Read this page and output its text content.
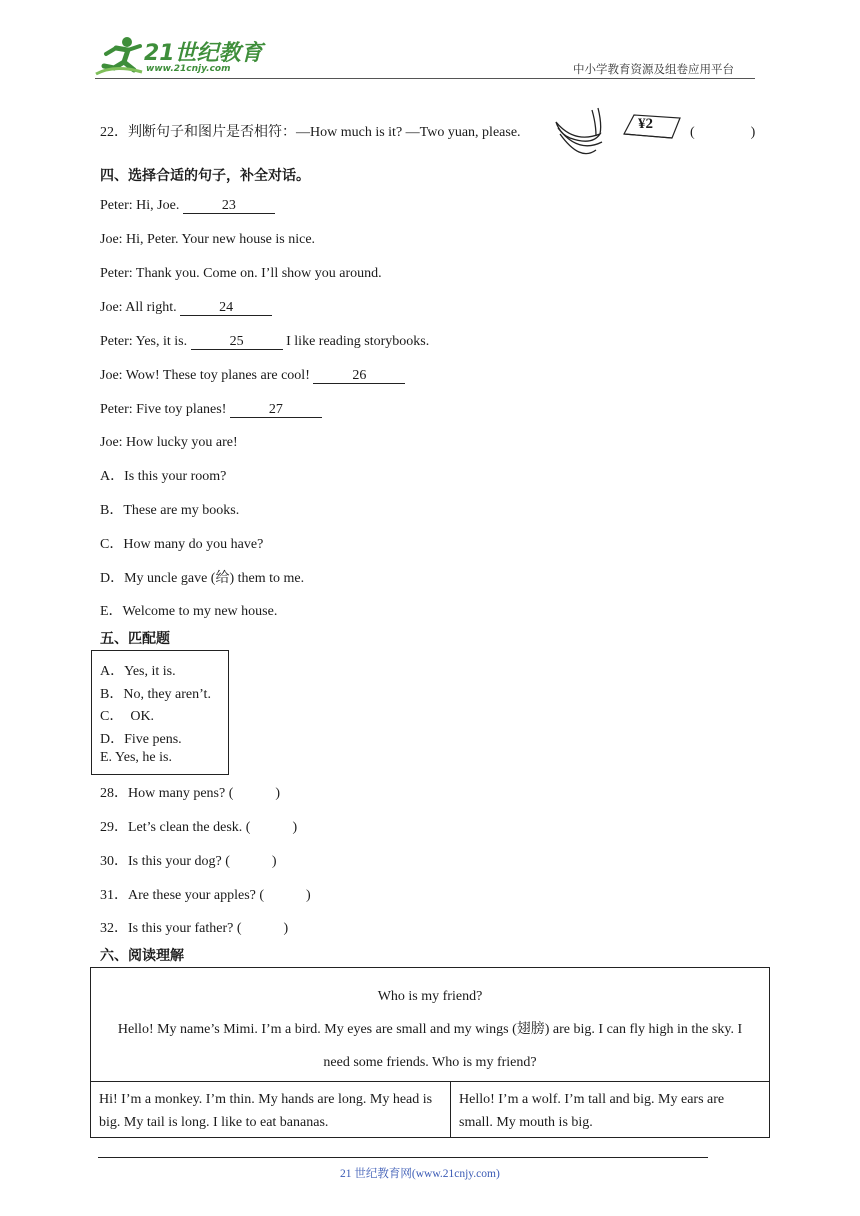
21世纪教育
www.21cnjy.com	中小学教育资源及组卷应用平台
22．判断句子和图片是否相符：—How much is it? —Two yuan, please.
¥2
(　　　　)
四、选择合适的句子，补全对话。
Peter: Hi, Joe.	23
Joe: Hi, Peter. Your new house is nice.
Peter: Thank you. Come on. I’ll show you around.
Joe: All right.	24
Peter: Yes, it is.	25	I like reading storybooks.
Joe: Wow! These toy planes are cool!	26
Peter: Five toy planes!	27
Joe: How lucky you are!
A．Is this your room?
B．These are my books.
C．How many do you have?
D．My uncle gave (给) them to me.
E．Welcome to my new house.
五、匹配题
A．Yes, it is.
B．No, they aren’t.
C．  OK.
D．Five pens.
E. Yes, he is.
28．How many pens? (　　　)
29．Let’s clean the desk. (　　　)
30．Is this your dog? (　　　)
31．Are these your apples? (　　　)
32．Is this your father? (　　　)
六、阅读理解
Who is my friend?
Hello! My name’s Mimi. I’m a bird. My eyes are small and my wings (翅膀) are big. I can fly high in the sky. I need some friends. Who is my friend?
Hi! I’m a monkey. I’m thin. My hands are long. My head is big. My tail is long. I like to eat bananas.
Hello! I’m a wolf. I’m tall and big. My ears are small. My mouth is big.
21 世纪教育网(www.21cnjy.com)
